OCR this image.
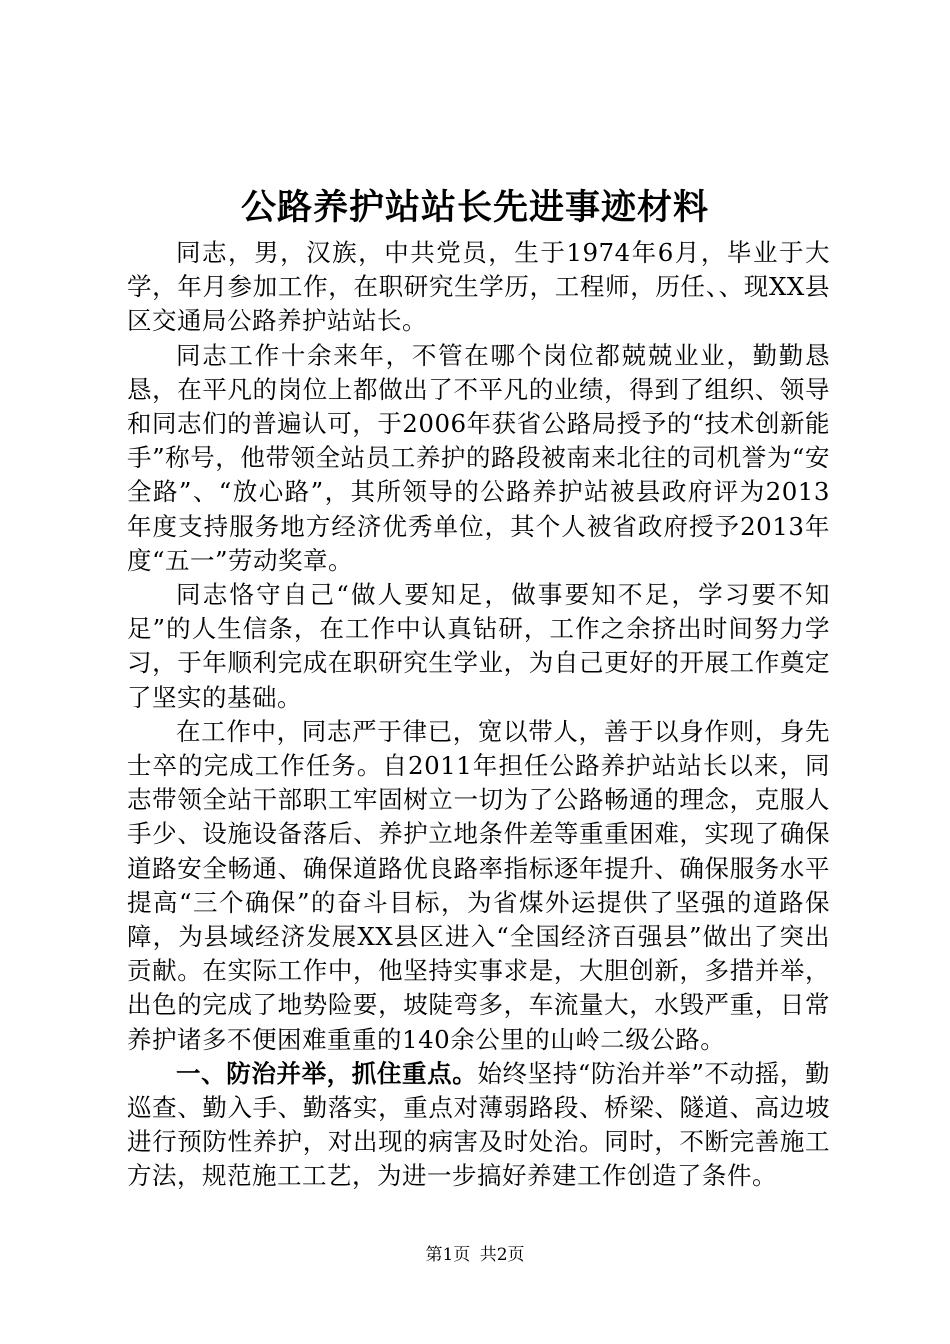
公路养护站站长先进事迹材料

同志，男，汉族，中共党员，生于1974年6月，毕业于大学，年月参加工作，在职研究生学历，工程师，历任、、现XX县区交通局公路养护站站长。

同志工作十余来年，不管在哪个岗位都兢兢业业，勤勤恳恳，在平凡的岗位上都做出了不平凡的业绩，得到了组织、领导和同志们的普遍认可，于2006年获省公路局授予的“技术创新能手”称号，他带领全站员工养护的路段被南来北往的司机誉为“安全路”、“放心路”，其所领导的公路养护站被县政府评为2013年度支持服务地方经济优秀单位，其个人被省政府授予2013年度“五一”劳动奖章。

同志恪守自己“做人要知足，做事要知不足，学习要不知足”的人生信条，在工作中认真钻研，工作之余挤出时间努力学习，于年顺利完成在职研究生学业，为自己更好的开展工作奠定了坚实的基础。

在工作中，同志严于律已，宽以带人，善于以身作则，身先士卒的完成工作任务。自2011年担任公路养护站站长以来，同志带领全站干部职工牢固树立一切为了公路畅通的理念，克服人手少、设施设备落后、养护立地条件差等重重困难，实现了确保道路安全畅通、确保道路优良路率指标逐年提升、确保服务水平提高“三个确保”的奋斗目标，为省煤外运提供了坚强的道路保障，为县域经济发展XX县区进入“全国经济百强县”做出了突出贡献。在实际工作中，他坚持实事求是，大胆创新，多措并举，出色的完成了地势险要，坡陡弯多，车流量大，水毁严重，日常养护诸多不便困难重重的140余公里的山岭二级公路。

一、防治并举，抓住重点。始终坚持“防治并举”不动摇，勤巡查、勤入手、勤落实，重点对薄弱路段、桥梁、隧道、高边坡进行预防性养护，对出现的病害及时处治。同时，不断完善施工方法，规范施工工艺，为进一步搞好养建工作创造了条件。

第1页 共2页
